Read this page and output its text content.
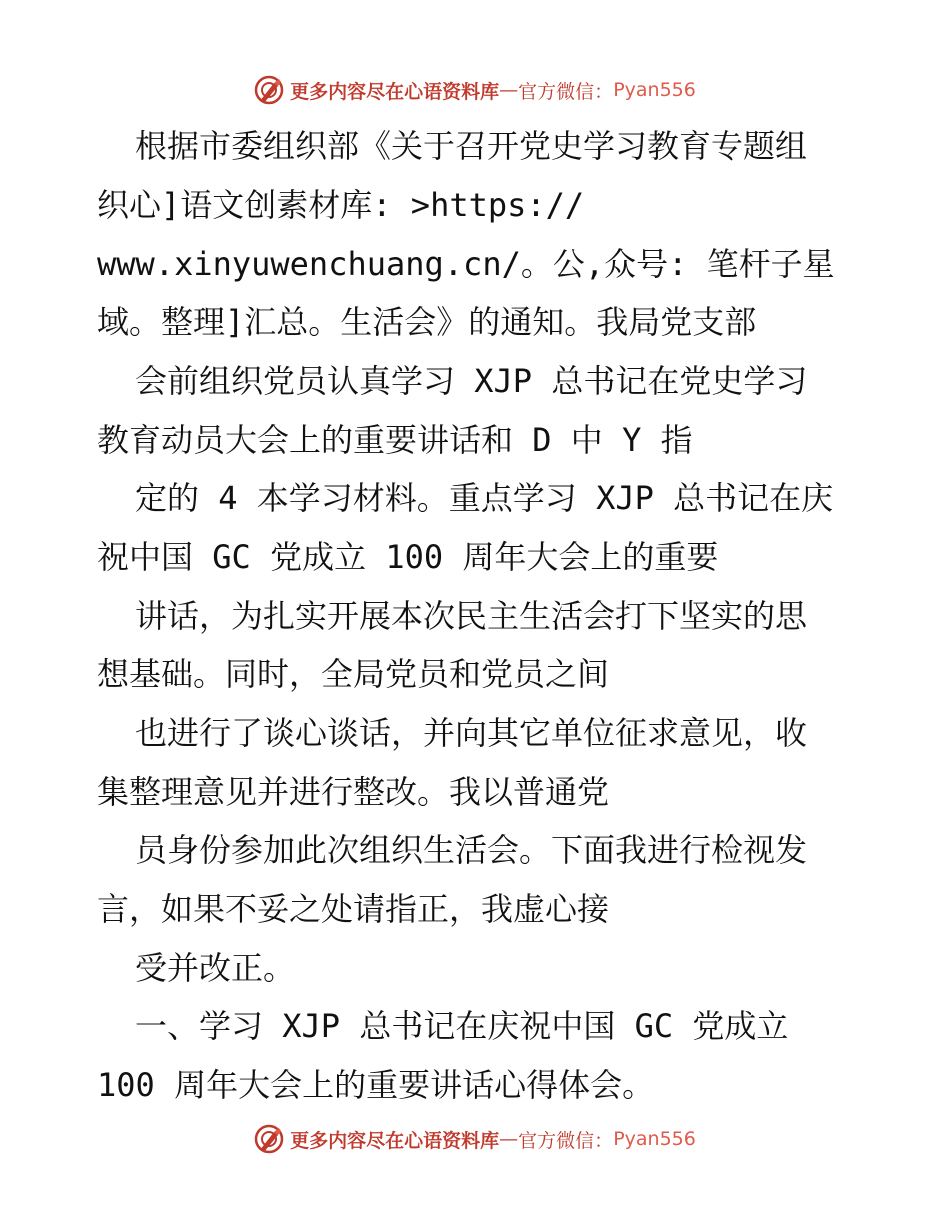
更多内容尽在心语资料库 — 官方微信： Pyan556
根据市委组织部《关于召开党史学习教育专题组
织心]语文创素材库: >https://
www.xinyuwenchuang.cn/。公,众号: 笔杆子星
域。整理]汇总。生活会》的通知。我局党支部
会前组织党员认真学习 XJP 总书记在党史学习
教育动员大会上的重要讲话和 D 中 Y 指
定的 4 本学习材料。重点学习 XJP 总书记在庆
祝中国 GC 党成立 100 周年大会上的重要
讲话，为扎实开展本次民主生活会打下坚实的思
想基础。同时，全局党员和党员之间
也进行了谈心谈话，并向其它单位征求意见，收
集整理意见并进行整改。我以普通党
员身份参加此次组织生活会。下面我进行检视发
言，如果不妥之处请指正，我虚心接
受并改正。
一、学习 XJP 总书记在庆祝中国 GC 党成立
100 周年大会上的重要讲话心得体会。
更多内容尽在心语资料库 — 官方微信： Pyan556
